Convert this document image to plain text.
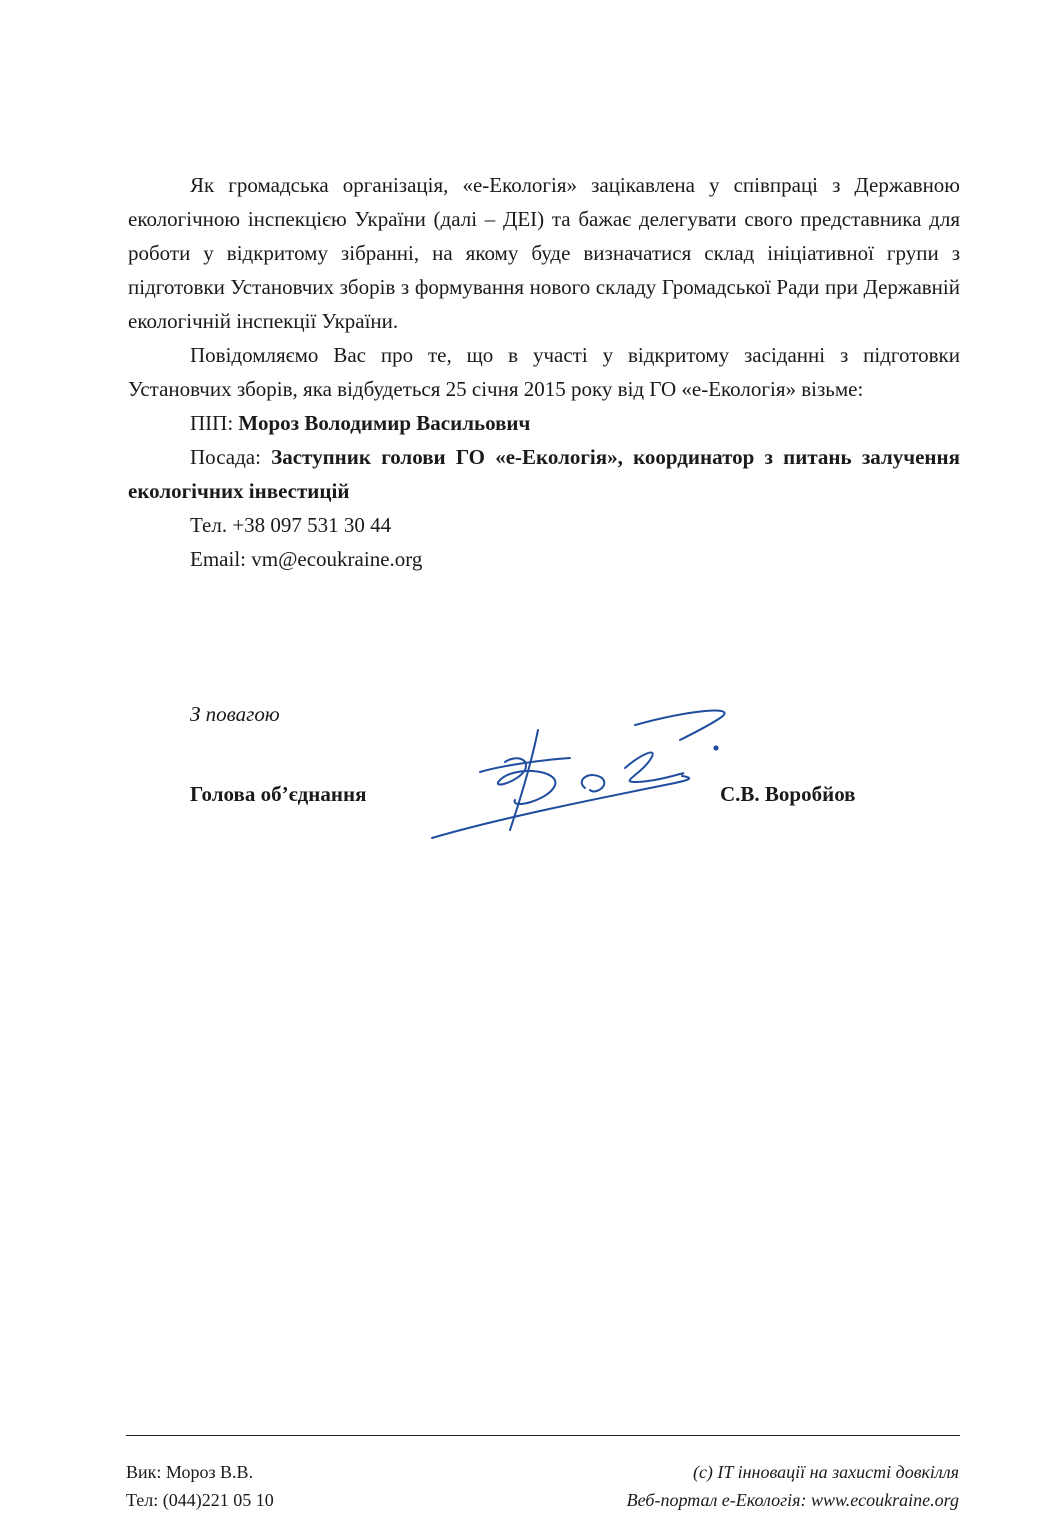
Як громадська організація, «е-Екологія» зацікавлена у співпраці з Державною екологічною інспекцією України (далі – ДЕІ) та бажає делегувати свого представника для роботи у відкритому зібранні, на якому буде визначатися склад ініціативної групи з підготовки Установчих зборів з формування нового складу Громадської Ради при Державній екологічній інспекції України.

Повідомляємо Вас про те, що в участі у відкритому засіданні з підготовки Установчих зборів, яка відбудеться 25 січня 2015 року від ГО «е-Екологія» візьме:

ПІП: Мороз Володимир Васильович

Посада: Заступник голови ГО «е-Екологія», координатор з питань залучення екологічних інвестицій

Тел. +38 097 531 30 44

Email: vm@ecoukraine.org

З повагою
Голова об’єднання	С.В. Воробйов
Вик: Мороз В.В.
Тел: (044)221 05 10
(c) IT інновації на захисті довкілля
Веб-портал е-Екологія: www.ecoukraine.org
